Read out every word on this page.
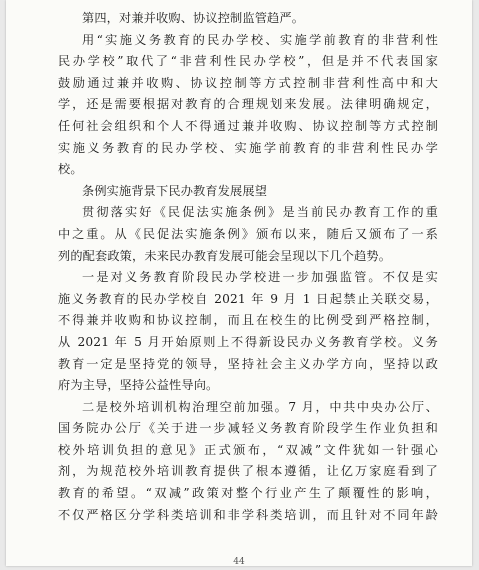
第四，对兼并收购、协议控制监管趋严。
用“实施义务教育的民办学校、实施学前教育的非营利性
民办学校”取代了“非营利性民办学校”，但是并不代表国家
鼓励通过兼并收购、协议控制等方式控制非营利性高中和大
学，还是需要根据对教育的合理规划来发展。法律明确规定，
任何社会组织和个人不得通过兼并收购、协议控制等方式控制
实施义务教育的民办学校、实施学前教育的非营利性民办学
校。
条例实施背景下民办教育发展展望
贯彻落实好《民促法实施条例》是当前民办教育工作的重
中之重。从《民促法实施条例》颁布以来，随后又颁布了一系
列的配套政策，未来民办教育发展可能会呈现以下几个趋势。
一是对义务教育阶段民办学校进一步加强监管。不仅是实
施义务教育的民办学校自 2021 年 9 月 1 日起禁止关联交易，
不得兼并收购和协议控制，而且在校生的比例受到严格控制，
从 2021 年 5 月开始原则上不得新设民办义务教育学校。义务
教育一定是坚持党的领导，坚持社会主义办学方向，坚持以政
府为主导，坚持公益性导向。
二是校外培训机构治理空前加强。7 月，中共中央办公厅、
国务院办公厅《关于进一步减轻义务教育阶段学生作业负担和
校外培训负担的意见》正式颁布，“双减”文件犹如一针强心
剂，为规范校外培训教育提供了根本遵循，让亿万家庭看到了
教育的希望。“双减”政策对整个行业产生了颠覆性的影响，
不仅严格区分学科类培训和非学科类培训，而且针对不同年龄
44
